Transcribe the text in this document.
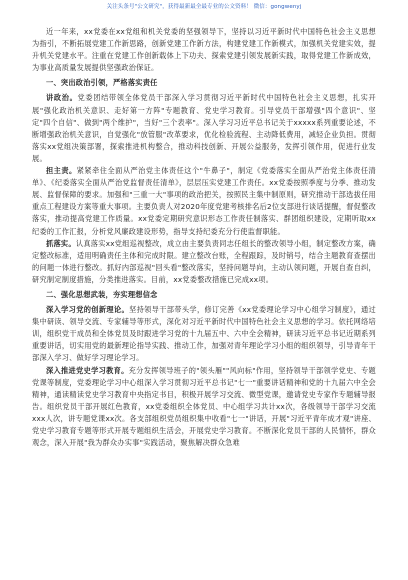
关注头条号"公文研究"，获得最新最全最专业的公文资料！ 微信：gongwenyj

近一年来，xx党委在xx党组和机关党委的坚强领导下，坚持以习近平新时代中国特色社会主义思想为指引，不断拓展党建工作新思路，创新党建工作新方法，构建党建工作新模式，加强机关党建实效，提升机关党建水平。注重在党建工作创新载体上下功夫、探索党建引领发展新实践，取得党建工作新成效，为事业高质量发展提供坚强政治保证。

一、突出政治引领，严格落实责任

讲政治。党委团结带领全体党员干部深入学习贯彻习近平新时代中国特色社会主义思想，扎实开展"强化政治机关意识、走好第一方阵"专题教育、党史学习教育。引导党员干部增强"四个意识"、坚定"四个自信"、做到"两个维护"，当好"三个表率"。深入学习习近平总书记关于xxxxx系列重要论述，不断增强政治机关意识，自觉强化"放管服"改革要求，优化检验流程、主动降低费用，减轻企业负担。贯彻落实xx党组决策部署，探索推进机构整合，推动科技创新、开展公益服务，发挥引领作用，促进行业发展。

担主责。紧紧牵住全面从严治党主体责任这个"牛鼻子"，制定《党委落实全面从严治党主体责任清单》、《纪委落实全面从严治党监督责任清单》，层层压实党建工作责任。xx党委按照季度与分季、推动发展、监督保障的要求。加强和"三重一大"事项的政治把关，按照民主集中制原则，研究推动干部选拔任用重点工程建设方案等重大事项。主要负责人对2020年度党建考核排名后2位支部进行谈话提醒，督促整改落实，推动提高党建工作质量。xx党委定期研究意识形态工作责任制落实、群团组织建设，定期听取xx纪委的工作汇报，分析党风廉政建设形势，指导支持纪委充分行使监督职能。

抓落实。认真落实xx党组巡视整改，成立由主要负责同志任组长的整改领导小组，制定整改方案，确定整改标准，适用明确责任主体和完成时限。建立整改台账，全程跟踪，及时销号，结合主题教育查摆出的问题一体进行整改。抓好内部巡视"回头看"整改落实，坚持问题导向，主动认领问题，开展自查自纠，研究制定制度措施，分类推进落实。目前，xx党委整改措施已完成xx项。

二、强化思想武装，夯实理想信念

深入学习党的创新理论。坚持领导干部带头学，修订完善《xx党委理论学习中心组学习制度》，通过集中研读、领导交流、专家辅导等形式，深化对习近平新时代中国特色社会主义思想的学习。依托网络培训，组织党干成员和全体党员及时跟进学习党的十九届五中、六中全会精神，研读习近平总书记近期系列重要讲话，切实用党的最新理论指导实践、推动工作，加强对青年理论学习小组的组织领导，引导青年干部深入学习、做好学习理论学习。

深入推进党史学习教育。充分发挥领导班子的"领头雁""风向标"作用，坚持领导干部领学党史、专题党课等制度，党委理论学习中心组深入学习贯彻习近平总书记"七一"重要讲话精神和党的十九届六中全会精神，通读精读党史学习教育中央指定书目，积极开展学习交流、微型党课，邀请党史专家作专题辅导报告。组织党员干部开展红色教育，xx党委组织全体党员、中心组学习共计xx次，各级领导干部学习交流xxx人次，讲专题党课xx次。各支部组织党员组织集中收看"七一"讲话，开展"习近平青年成才观"讲座、党史学习教育专题等形式开展专题组织生活会，开展党史学习教育。不断深化党员干部的人民情怀，群众观念，深入开展"我为群众办实事"实践活动，聚焦解决群众急难
